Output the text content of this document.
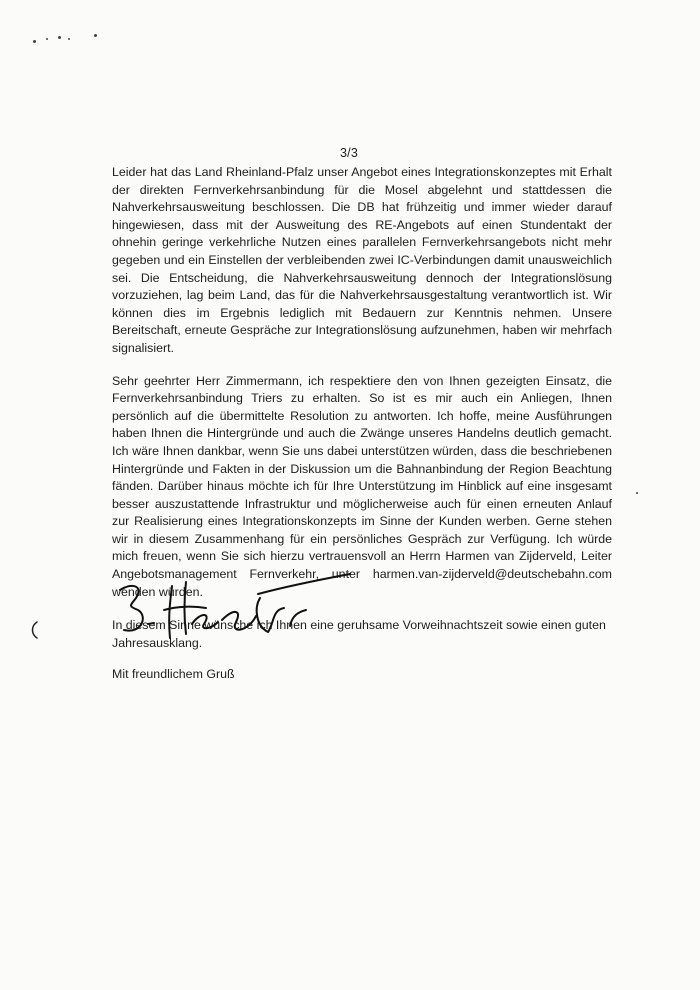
3/3

Leider hat das Land Rheinland-Pfalz unser Angebot eines Integrationskonzeptes mit Erhalt der direkten Fernverkehrsanbindung für die Mosel abgelehnt und stattdessen die Nahverkehrsausweitung beschlossen. Die DB hat frühzeitig und immer wieder darauf hingewiesen, dass mit der Ausweitung des RE-Angebots auf einen Stundentakt der ohnehin geringe verkehrliche Nutzen eines parallelen Fernverkehrsangebots nicht mehr gegeben und ein Einstellen der verbleibenden zwei IC-Verbindungen damit unausweichlich sei. Die Entscheidung, die Nahverkehrsausweitung dennoch der Integrationslösung vorzuziehen, lag beim Land, das für die Nahverkehrsausgestaltung verantwortlich ist. Wir können dies im Ergebnis lediglich mit Bedauern zur Kenntnis nehmen. Unsere Bereitschaft, erneute Gespräche zur Integrationslösung aufzunehmen, haben wir mehrfach signalisiert.

Sehr geehrter Herr Zimmermann, ich respektiere den von Ihnen gezeigten Einsatz, die Fernverkehrsanbindung Triers zu erhalten. So ist es mir auch ein Anliegen, Ihnen persönlich auf die übermittelte Resolution zu antworten. Ich hoffe, meine Ausführungen haben Ihnen die Hintergründe und auch die Zwänge unseres Handelns deutlich gemacht. Ich wäre Ihnen dankbar, wenn Sie uns dabei unterstützen würden, dass die beschriebenen Hintergründe und Fakten in der Diskussion um die Bahnanbindung der Region Beachtung fänden. Darüber hinaus möchte ich für Ihre Unterstützung im Hinblick auf eine insgesamt besser auszustattende Infrastruktur und möglicherweise auch für einen erneuten Anlauf zur Realisierung eines Integrationskonzepts im Sinne der Kunden werben. Gerne stehen wir in diesem Zusammenhang für ein persönliches Gespräch zur Verfügung. Ich würde mich freuen, wenn Sie sich hierzu vertrauensvoll an Herrn Harmen van Zijderveld, Leiter Angebotsmanagement Fernverkehr, unter harmen.van-zijderveld@deutschebahn.com wenden würden.

In diesem Sinne wünsche ich Ihnen eine geruhsame Vorweihnachtszeit sowie einen guten Jahresausklang.

Mit freundlichem Gruß
